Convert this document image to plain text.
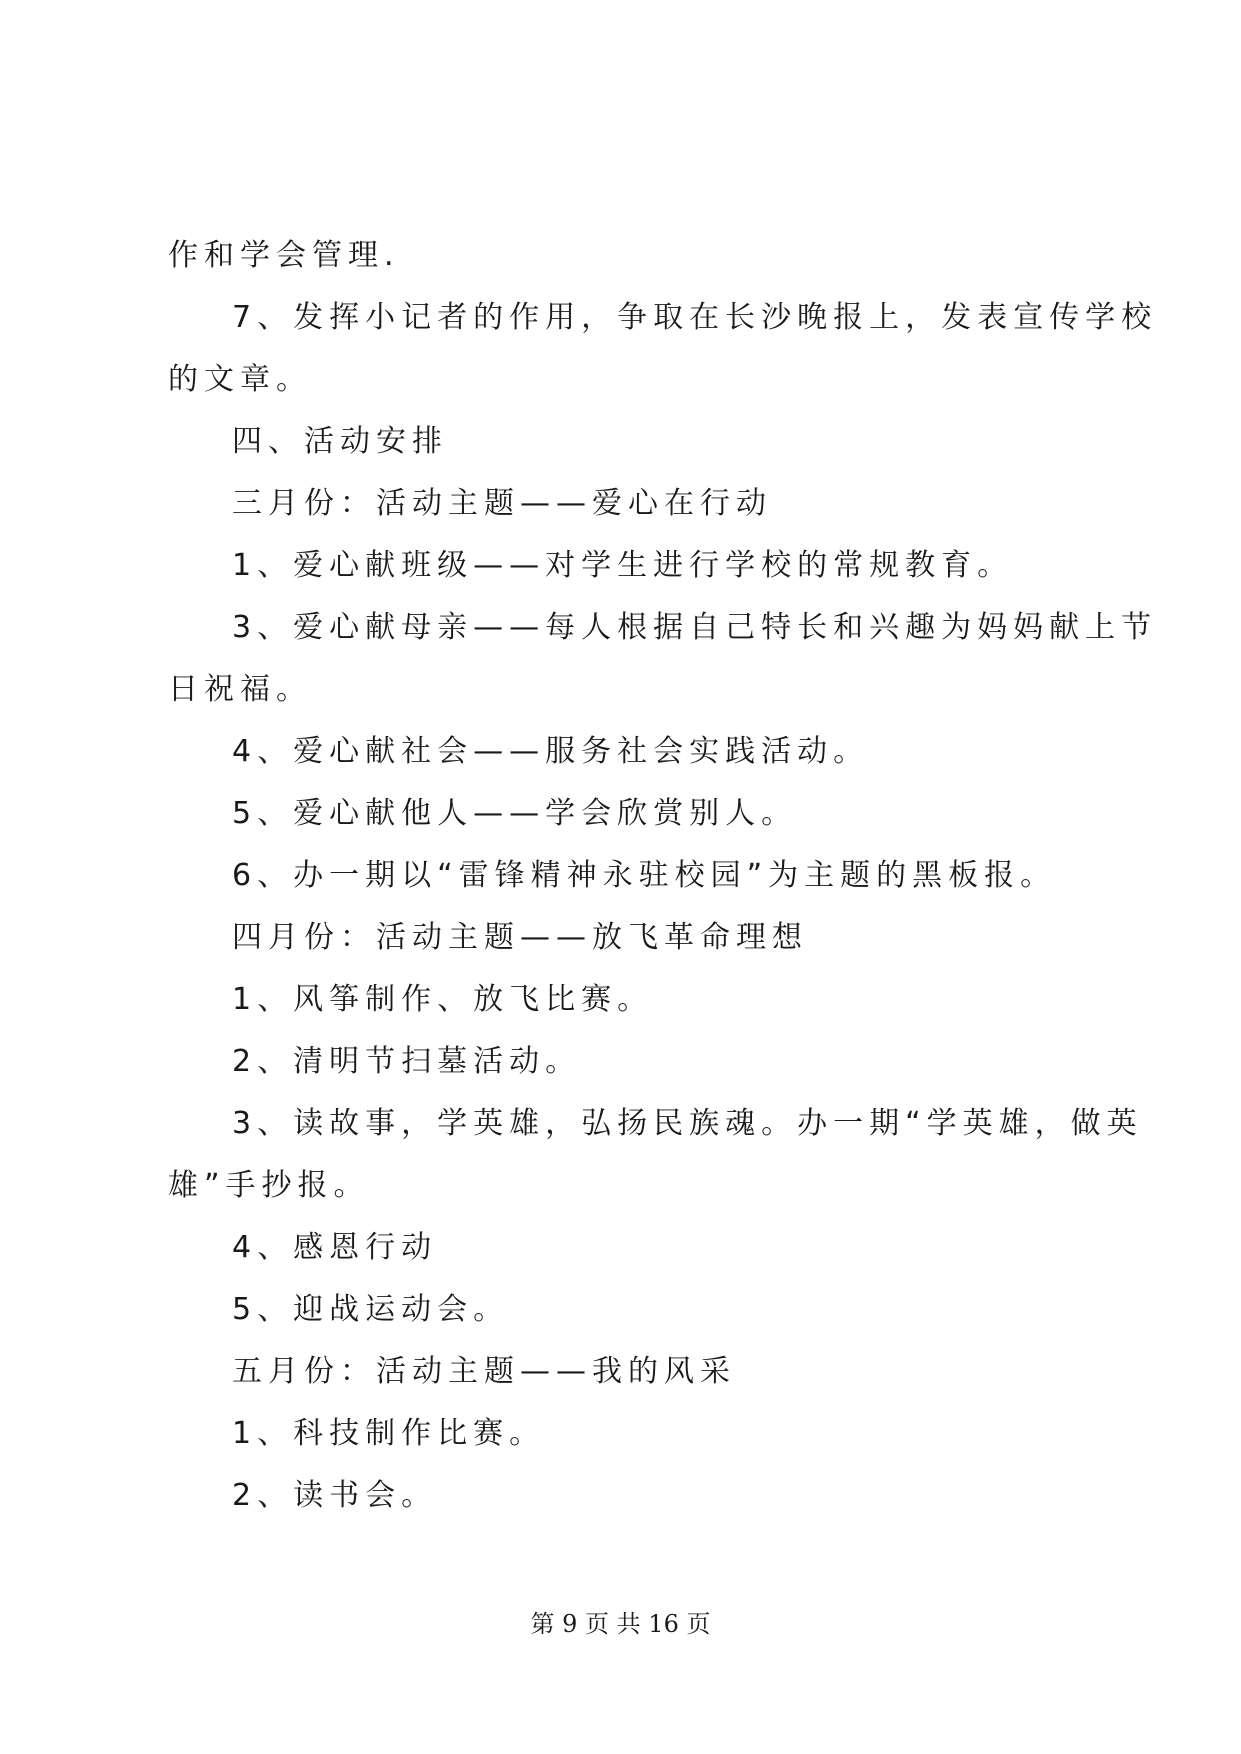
作和学会管理.
7、发挥小记者的作用，争取在长沙晚报上，发表宣传学校
的文章。
四、活动安排
三月份：活动主题——爱心在行动
1、爱心献班级——对学生进行学校的常规教育。
3、爱心献母亲——每人根据自己特长和兴趣为妈妈献上节
日祝福。
4、爱心献社会——服务社会实践活动。
5、爱心献他人——学会欣赏别人。
6、办一期以“雷锋精神永驻校园”为主题的黑板报。
四月份：活动主题——放飞革命理想
1、风筝制作、放飞比赛。
2、清明节扫墓活动。
3、读故事，学英雄，弘扬民族魂。办一期“学英雄，做英
雄”手抄报。
4、感恩行动
5、迎战运动会。
五月份：活动主题——我的风采
1、科技制作比赛。
2、读书会。
第 9 页 共 16 页
